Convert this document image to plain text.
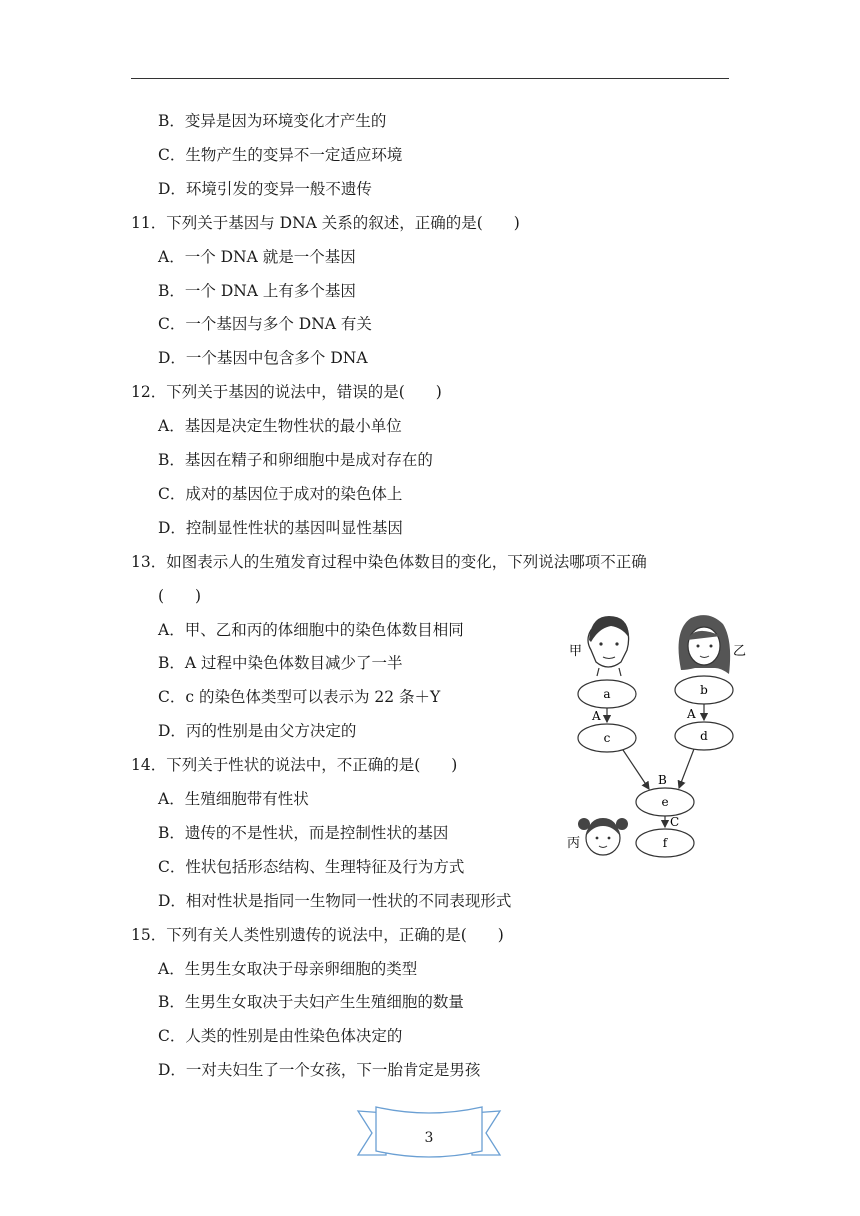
B．变异是因为环境变化才产生的
C．生物产生的变异不一定适应环境
D．环境引发的变异一般不遗传
11．下列关于基因与 DNA 关系的叙述，正确的是(　　)
A．一个 DNA 就是一个基因
B．一个 DNA 上有多个基因
C．一个基因与多个 DNA 有关
D．一个基因中包含多个 DNA
12．下列关于基因的说法中，错误的是(　　)
A．基因是决定生物性状的最小单位
B．基因在精子和卵细胞中是成对存在的
C．成对的基因位于成对的染色体上
D．控制显性性状的基因叫显性基因
13．如图表示人的生殖发育过程中染色体数目的变化，下列说法哪项不正确
(　　)
A．甲、乙和丙的体细胞中的染色体数目相同
B．A 过程中染色体数目减少了一半
C．c 的染色体类型可以表示为 22 条＋Y
D．丙的性别是由父方决定的
14．下列关于性状的说法中，不正确的是(　　)
A．生殖细胞带有性状
B．遗传的不是性状，而是控制性状的基因
C．性状包括形态结构、生理特征及行为方式
D．相对性状是指同一生物同一性状的不同表现形式
15．下列有关人类性别遗传的说法中，正确的是(　　)
A．生男生女取决于母亲卵细胞的类型
B．生男生女取决于夫妇产生生殖细胞的数量
C．人类的性别是由性染色体决定的
D．一对夫妇生了一个女孩，下一胎肯定是男孩
甲	乙
a	b
c	d
e
f
A	A
B
C
丙
3
